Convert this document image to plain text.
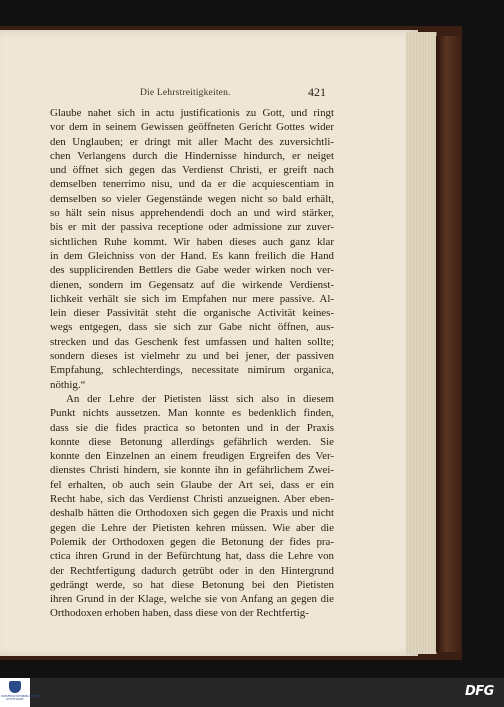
Die Lehrstreitigkeiten.	421
Glaube nahet sich in actu justificationis zu Gott, und ringt
vor dem in seinem Gewissen geöffneten Gericht Gottes wider
den Unglauben; er dringt mit aller Macht des zuversichtli-
chen Verlangens durch die Hindernisse hindurch, er neiget
und öffnet sich gegen das Verdienst Christi, er greift nach
demselben tenerrimo nisu, und da er die acquiescentiam in
demselben so vieler Gegenstände wegen nicht so bald erhält,
so hält sein nisus apprehendendi doch an und wird stärker,
bis er mit der passiva receptione oder admissione zur zuver-
sichtlichen Ruhe kommt. Wir haben dieses auch ganz klar
in dem Gleichniss von der Hand. Es kann freilich die Hand
des supplicirenden Bettlers die Gabe weder wirken noch ver-
dienen, sondern im Gegensatz auf die wirkende Verdienst-
lichkeit verhält sie sich im Empfahen nur mere passive. Al-
lein dieser Passivität steht die organische Activität keines-
wegs entgegen, dass sie sich zur Gabe nicht öffnen, aus-
strecken und das Geschenk fest umfassen und halten sollte;
sondern dieses ist vielmehr zu und bei jener, der passiven
Empfahung, schlechterdings, necessitate nimirum organica,
nöthig.“
An der Lehre der Pietisten lässt sich also in diesem
Punkt nichts aussetzen. Man konnte es bedenklich finden,
dass sie die fides practica so betonten und in der Praxis
konnte diese Betonung allerdings gefährlich werden. Sie
konnte den Einzelnen an einem freudigen Ergreifen des Ver-
dienstes Christi hindern, sie konnte ihn in gefährlichem Zwei-
fel erhalten, ob auch sein Glaube der Art sei, dass er ein
Recht habe, sich das Verdienst Christi anzueignen. Aber eben-
deshalb hätten die Orthodoxen sich gegen die Praxis und nicht
gegen die Lehre der Pietisten kehren müssen. Wie aber die
Polemik der Orthodoxen gegen die Betonung der fides pra-
ctica ihren Grund in der Befürchtung hat, dass die Lehre von
der Rechtfertigung dadurch getrübt oder in den Hintergrund
gedrängt werde, so hat diese Betonung bei den Pietisten
ihren Grund in der Klage, welche sie von Anfang an gegen die
Orthodoxen erhoben haben, dass diese von der Rechtfertig-
UNIVERSITÄTSBIBLIOTHEK
STUTTGART
DFG
